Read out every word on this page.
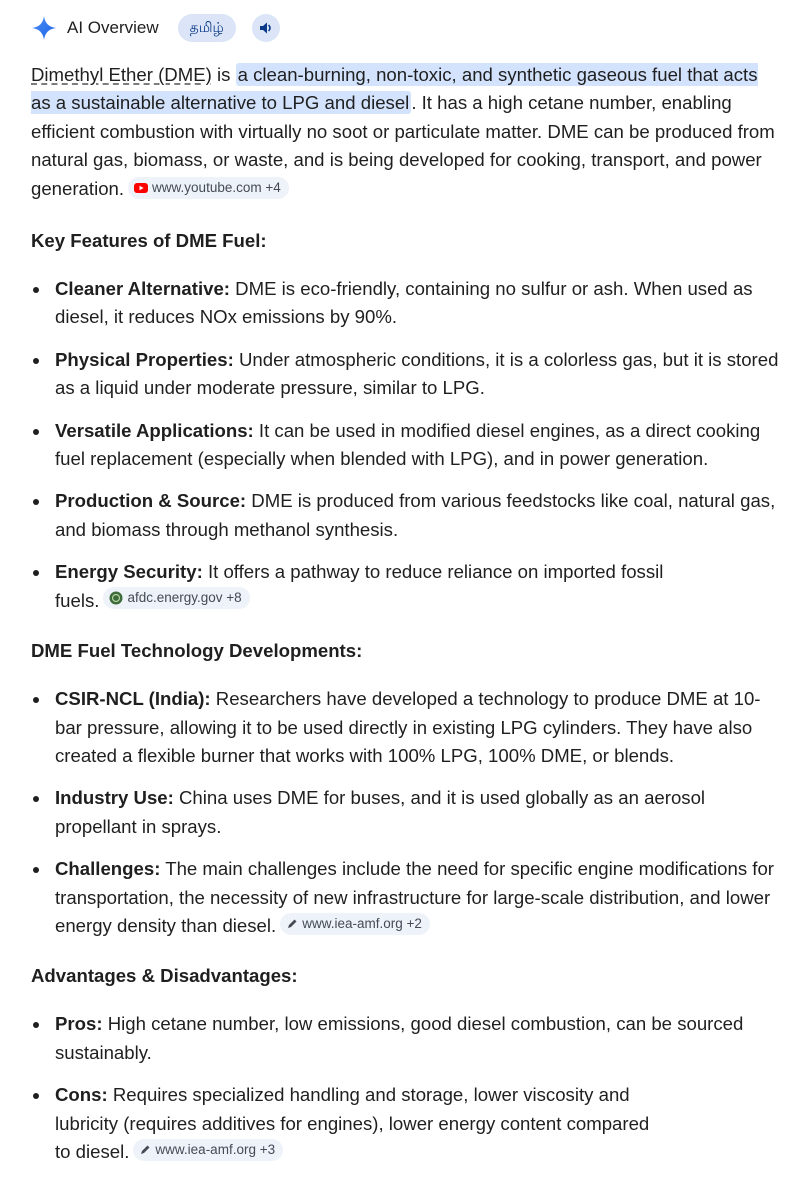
AI Overview	தமிழ்

Dimethyl Ether (DME) is a clean-burning, non-toxic, and synthetic gaseous fuel that acts as a sustainable alternative to LPG and diesel . It has a high cetane number, enabling efficient combustion with virtually no soot or particulate matter. DME can be produced from natural gas, biomass, or waste, and is being developed for cooking, transport, and power generation. www.youtube.com +4

Key Features of DME Fuel:
Cleaner Alternative: DME is eco-friendly, containing no sulfur or ash. When used as diesel, it reduces NOx emissions by 90%.
Physical Properties: Under atmospheric conditions, it is a colorless gas, but it is stored as a liquid under moderate pressure, similar to LPG.
Versatile Applications: It can be used in modified diesel engines, as a direct cooking fuel replacement (especially when blended with LPG), and in power generation.
Production & Source: DME is produced from various feedstocks like coal, natural gas, and biomass through methanol synthesis.
Energy Security: It offers a pathway to reduce reliance on imported fossil fuels. afdc.energy.gov +8
DME Fuel Technology Developments:
CSIR-NCL (India): Researchers have developed a technology to produce DME at 10-bar pressure, allowing it to be used directly in existing LPG cylinders. They have also created a flexible burner that works with 100% LPG, 100% DME, or blends.
Industry Use: China uses DME for buses, and it is used globally as an aerosol propellant in sprays.
Challenges: The main challenges include the need for specific engine modifications for transportation, the necessity of new infrastructure for large-scale distribution, and lower energy density than diesel. www.iea-amf.org +2
Advantages & Disadvantages:
Pros: High cetane number, low emissions, good diesel combustion, can be sourced sustainably.
Cons: Requires specialized handling and storage, lower viscosity and lubricity (requires additives for engines), lower energy content compared to diesel. www.iea-amf.org +3
